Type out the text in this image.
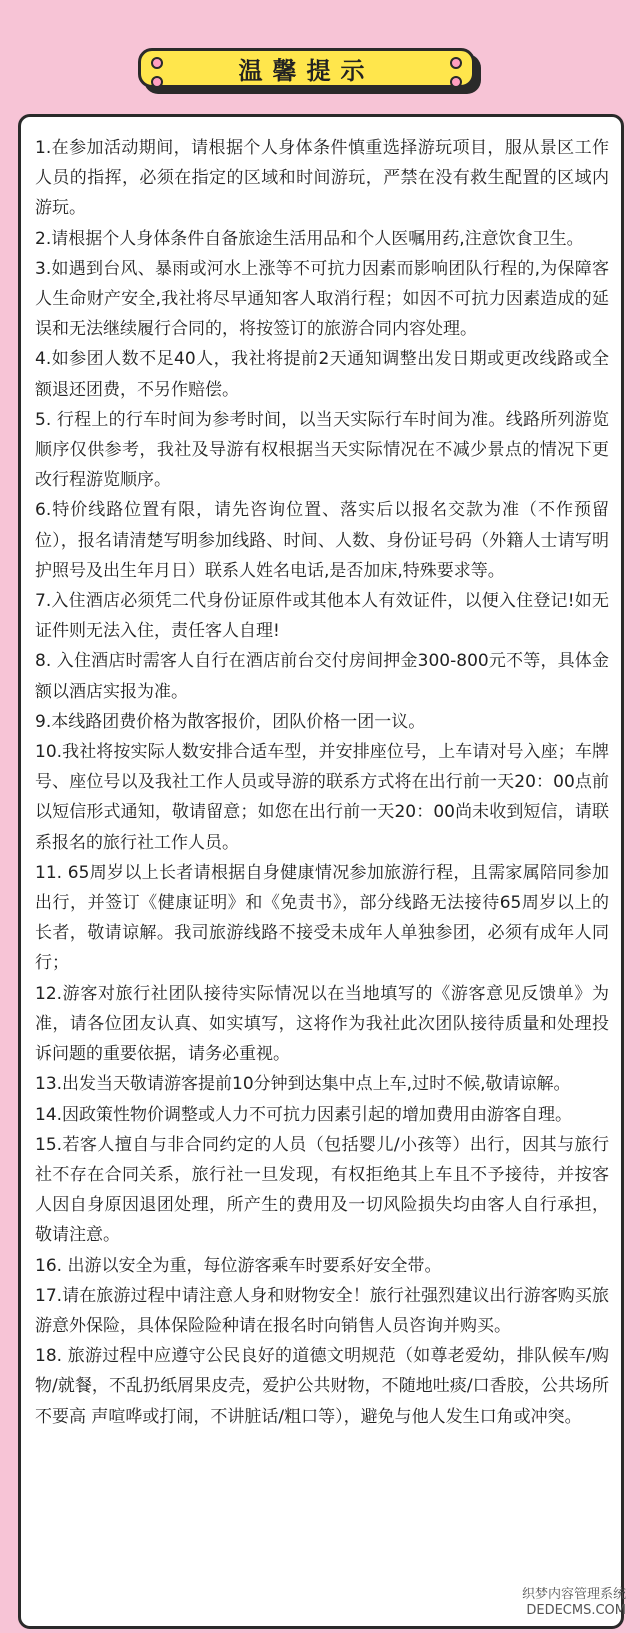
温馨提示
1.在参加活动期间，请根据个人身体条件慎重选择游玩项目，服从景区工作人员的指挥，必须在指定的区域和时间游玩，严禁在没有救生配置的区域内游玩。
2.请根据个人身体条件自备旅途生活用品和个人医嘱用药,注意饮食卫生。
3.如遇到台风、暴雨或河水上涨等不可抗力因素而影响团队行程的,为保障客人生命财产安全,我社将尽早通知客人取消行程；如因不可抗力因素造成的延误和无法继续履行合同的，将按签订的旅游合同内容处理。
4.如参团人数不足40人，我社将提前2天通知调整出发日期或更改线路或全额退还团费，不另作赔偿。
5. 行程上的行车时间为参考时间，以当天实际行车时间为准。线路所列游览顺序仅供参考，我社及导游有权根据当天实际情况在不减少景点的情况下更改行程游览顺序。
6.特价线路位置有限，请先咨询位置、落实后以报名交款为准（不作预留位），报名请清楚写明参加线路、时间、人数、身份证号码（外籍人士请写明护照号及出生年月日）联系人姓名电话,是否加床,特殊要求等。
7.入住酒店必须凭二代身份证原件或其他本人有效证件，以便入住登记!如无证件则无法入住，责任客人自理!
8. 入住酒店时需客人自行在酒店前台交付房间押金300-800元不等，具体金额以酒店实报为准。
9.本线路团费价格为散客报价，团队价格一团一议。
10.我社将按实际人数安排合适车型，并安排座位号，上车请对号入座；车牌号、座位号以及我社工作人员或导游的联系方式将在出行前一天20：00点前以短信形式通知，敬请留意；如您在出行前一天20：00尚未收到短信，请联系报名的旅行社工作人员。
11. 65周岁以上长者请根据自身健康情况参加旅游行程，且需家属陪同参加出行，并签订《健康证明》和《免责书》，部分线路无法接待65周岁以上的长者，敬请谅解。我司旅游线路不接受未成年人单独参团，必须有成年人同行；
12.游客对旅行社团队接待实际情况以在当地填写的《游客意见反馈单》为准，请各位团友认真、如实填写，这将作为我社此次团队接待质量和处理投诉问题的重要依据，请务必重视。
13.出发当天敬请游客提前10分钟到达集中点上车,过时不候,敬请谅解。
14.因政策性物价调整或人力不可抗力因素引起的增加费用由游客自理。
15.若客人擅自与非合同约定的人员（包括婴儿/小孩等）出行，因其与旅行社不存在合同关系，旅行社一旦发现，有权拒绝其上车且不予接待，并按客人因自身原因退团处理，所产生的费用及一切风险损失均由客人自行承担，敬请注意。
16. 出游以安全为重，每位游客乘车时要系好安全带。
17.请在旅游过程中请注意人身和财物安全！旅行社强烈建议出行游客购买旅游意外保险，具体保险险种请在报名时向销售人员咨询并购买。
18. 旅游过程中应遵守公民良好的道德文明规范（如尊老爱幼，排队候车/购物/就餐，不乱扔纸屑果皮壳，爱护公共财物，不随地吐痰/口香胶，公共场所不要高 声喧哗或打闹，不讲脏话/粗口等），避免与他人发生口角或冲突。
织梦内容管理系统
DEDECMS.COM
